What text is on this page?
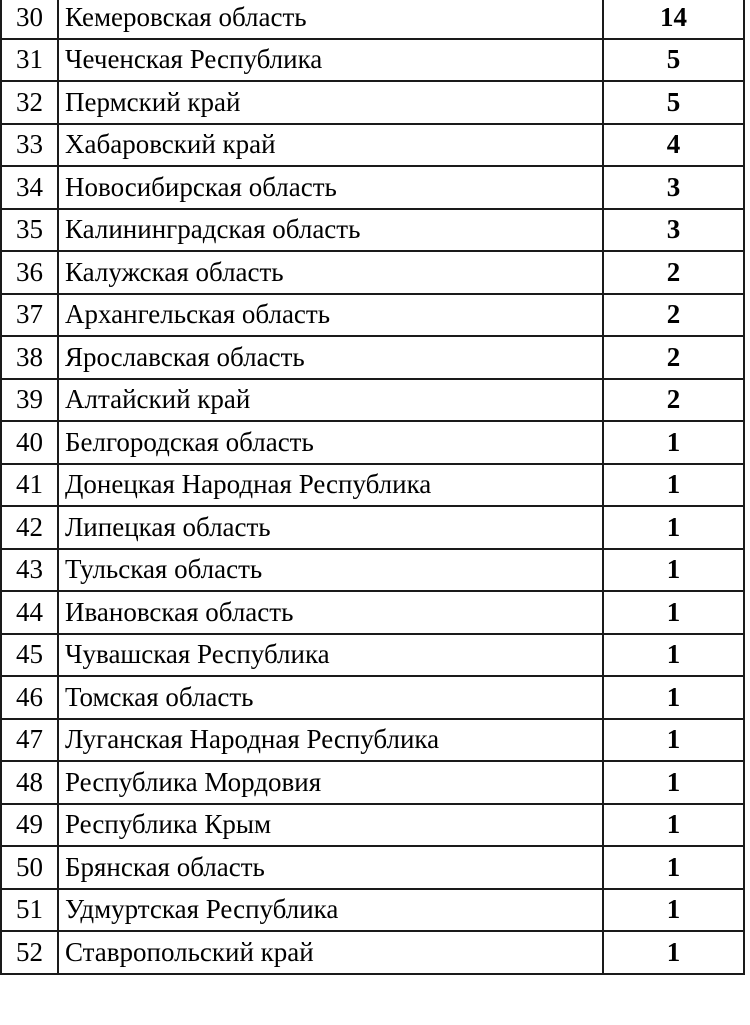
30	Кемеровская область	14
31	Чеченская Республика	5
32	Пермский край	5
33	Хабаровский край	4
34	Новосибирская область	3
35	Калининградская область	3
36	Калужская область	2
37	Архангельская область	2
38	Ярославская область	2
39	Алтайский край	2
40	Белгородская область	1
41	Донецкая Народная Республика	1
42	Липецкая область	1
43	Тульская область	1
44	Ивановская область	1
45	Чувашская Республика	1
46	Томская область	1
47	Луганская Народная Республика	1
48	Республика Мордовия	1
49	Республика Крым	1
50	Брянская область	1
51	Удмуртская Республика	1
52	Ставропольский край	1
